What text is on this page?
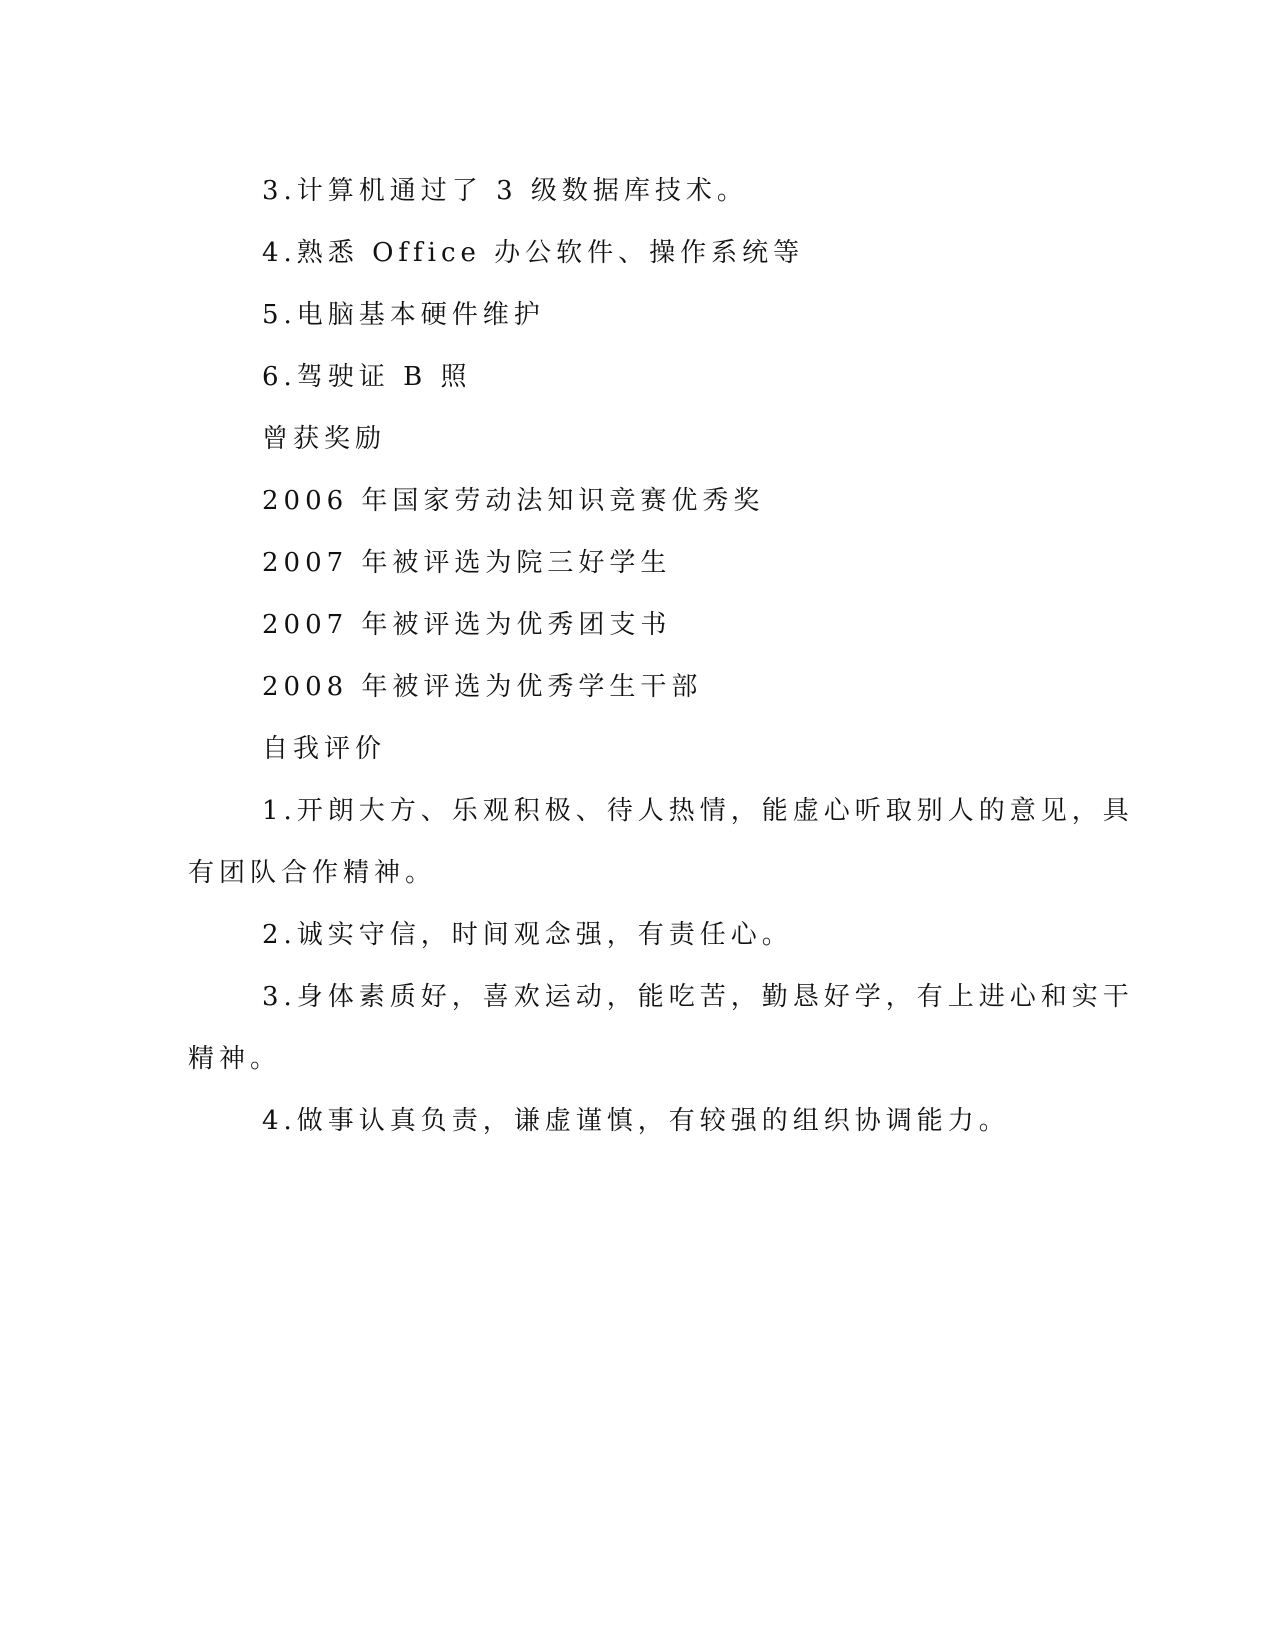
3.计算机通过了 3 级数据库技术。
4.熟悉 Office 办公软件、操作系统等
5.电脑基本硬件维护
6.驾驶证 B 照
曾获奖励
2006 年国家劳动法知识竞赛优秀奖
2007 年被评选为院三好学生
2007 年被评选为优秀团支书
2008 年被评选为优秀学生干部
自我评价
1.开朗大方、乐观积极、待人热情，能虚心听取别人的意见，具
有团队合作精神。
2.诚实守信，时间观念强，有责任心。
3.身体素质好，喜欢运动，能吃苦，勤恳好学，有上进心和实干
精神。
4.做事认真负责，谦虚谨慎，有较强的组织协调能力。
